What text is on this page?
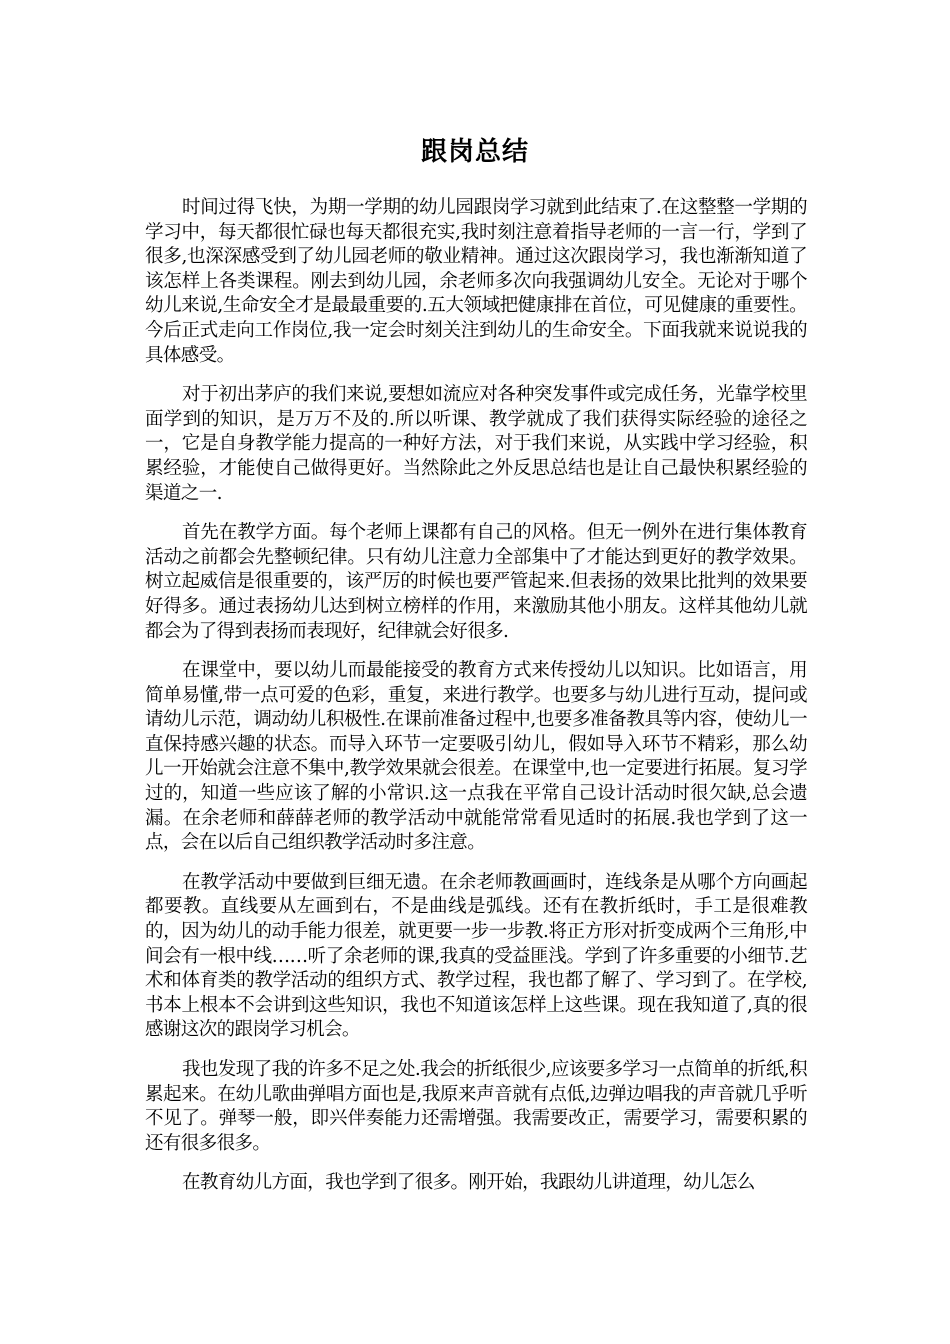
跟岗总结

时间过得飞快，为期一学期的幼儿园跟岗学习就到此结束了.在这整整一学期的学习中，每天都很忙碌也每天都很充实,我时刻注意着指导老师的一言一行，学到了很多,也深深感受到了幼儿园老师的敬业精神。通过这次跟岗学习，我也渐渐知道了该怎样上各类课程。刚去到幼儿园，余老师多次向我强调幼儿安全。无论对于哪个幼儿来说,生命安全才是最最重要的.五大领域把健康排在首位，可见健康的重要性。今后正式走向工作岗位,我一定会时刻关注到幼儿的生命安全。下面我就来说说我的具体感受。

对于初出茅庐的我们来说,要想如流应对各种突发事件或完成任务，光靠学校里面学到的知识，是万万不及的.所以听课、教学就成了我们获得实际经验的途径之一，它是自身教学能力提高的一种好方法，对于我们来说，从实践中学习经验，积累经验，才能使自己做得更好。当然除此之外反思总结也是让自己最快积累经验的渠道之一.

首先在教学方面。每个老师上课都有自己的风格。但无一例外在进行集体教育活动之前都会先整顿纪律。只有幼儿注意力全部集中了才能达到更好的教学效果。树立起威信是很重要的，该严厉的时候也要严管起来.但表扬的效果比批判的效果要好得多。通过表扬幼儿达到树立榜样的作用，来激励其他小朋友。这样其他幼儿就都会为了得到表扬而表现好，纪律就会好很多.

在课堂中，要以幼儿而最能接受的教育方式来传授幼儿以知识。比如语言，用简单易懂,带一点可爱的色彩，重复，来进行教学。也要多与幼儿进行互动，提问或请幼儿示范，调动幼儿积极性.在课前准备过程中,也要多准备教具等内容，使幼儿一直保持感兴趣的状态。而导入环节一定要吸引幼儿，假如导入环节不精彩，那么幼儿一开始就会注意不集中,教学效果就会很差。在课堂中,也一定要进行拓展。复习学过的，知道一些应该了解的小常识.这一点我在平常自己设计活动时很欠缺,总会遗漏。在余老师和薛薛老师的教学活动中就能常常看见适时的拓展.我也学到了这一点，会在以后自己组织教学活动时多注意。

在教学活动中要做到巨细无遗。在余老师教画画时，连线条是从哪个方向画起都要教。直线要从左画到右，不是曲线是弧线。还有在教折纸时，手工是很难教的，因为幼儿的动手能力很差，就更要一步一步教.将正方形对折变成两个三角形,中间会有一根中线……听了余老师的课,我真的受益匪浅。学到了许多重要的小细节.艺术和体育类的教学活动的组织方式、教学过程，我也都了解了、学习到了。在学校,书本上根本不会讲到这些知识，我也不知道该怎样上这些课。现在我知道了,真的很感谢这次的跟岗学习机会。

我也发现了我的许多不足之处.我会的折纸很少,应该要多学习一点简单的折纸,积累起来。在幼儿歌曲弹唱方面也是,我原来声音就有点低,边弹边唱我的声音就几乎听不见了。弹琴一般，即兴伴奏能力还需增强。我需要改正，需要学习，需要积累的还有很多很多。

在教育幼儿方面，我也学到了很多。刚开始，我跟幼儿讲道理，幼儿怎么
